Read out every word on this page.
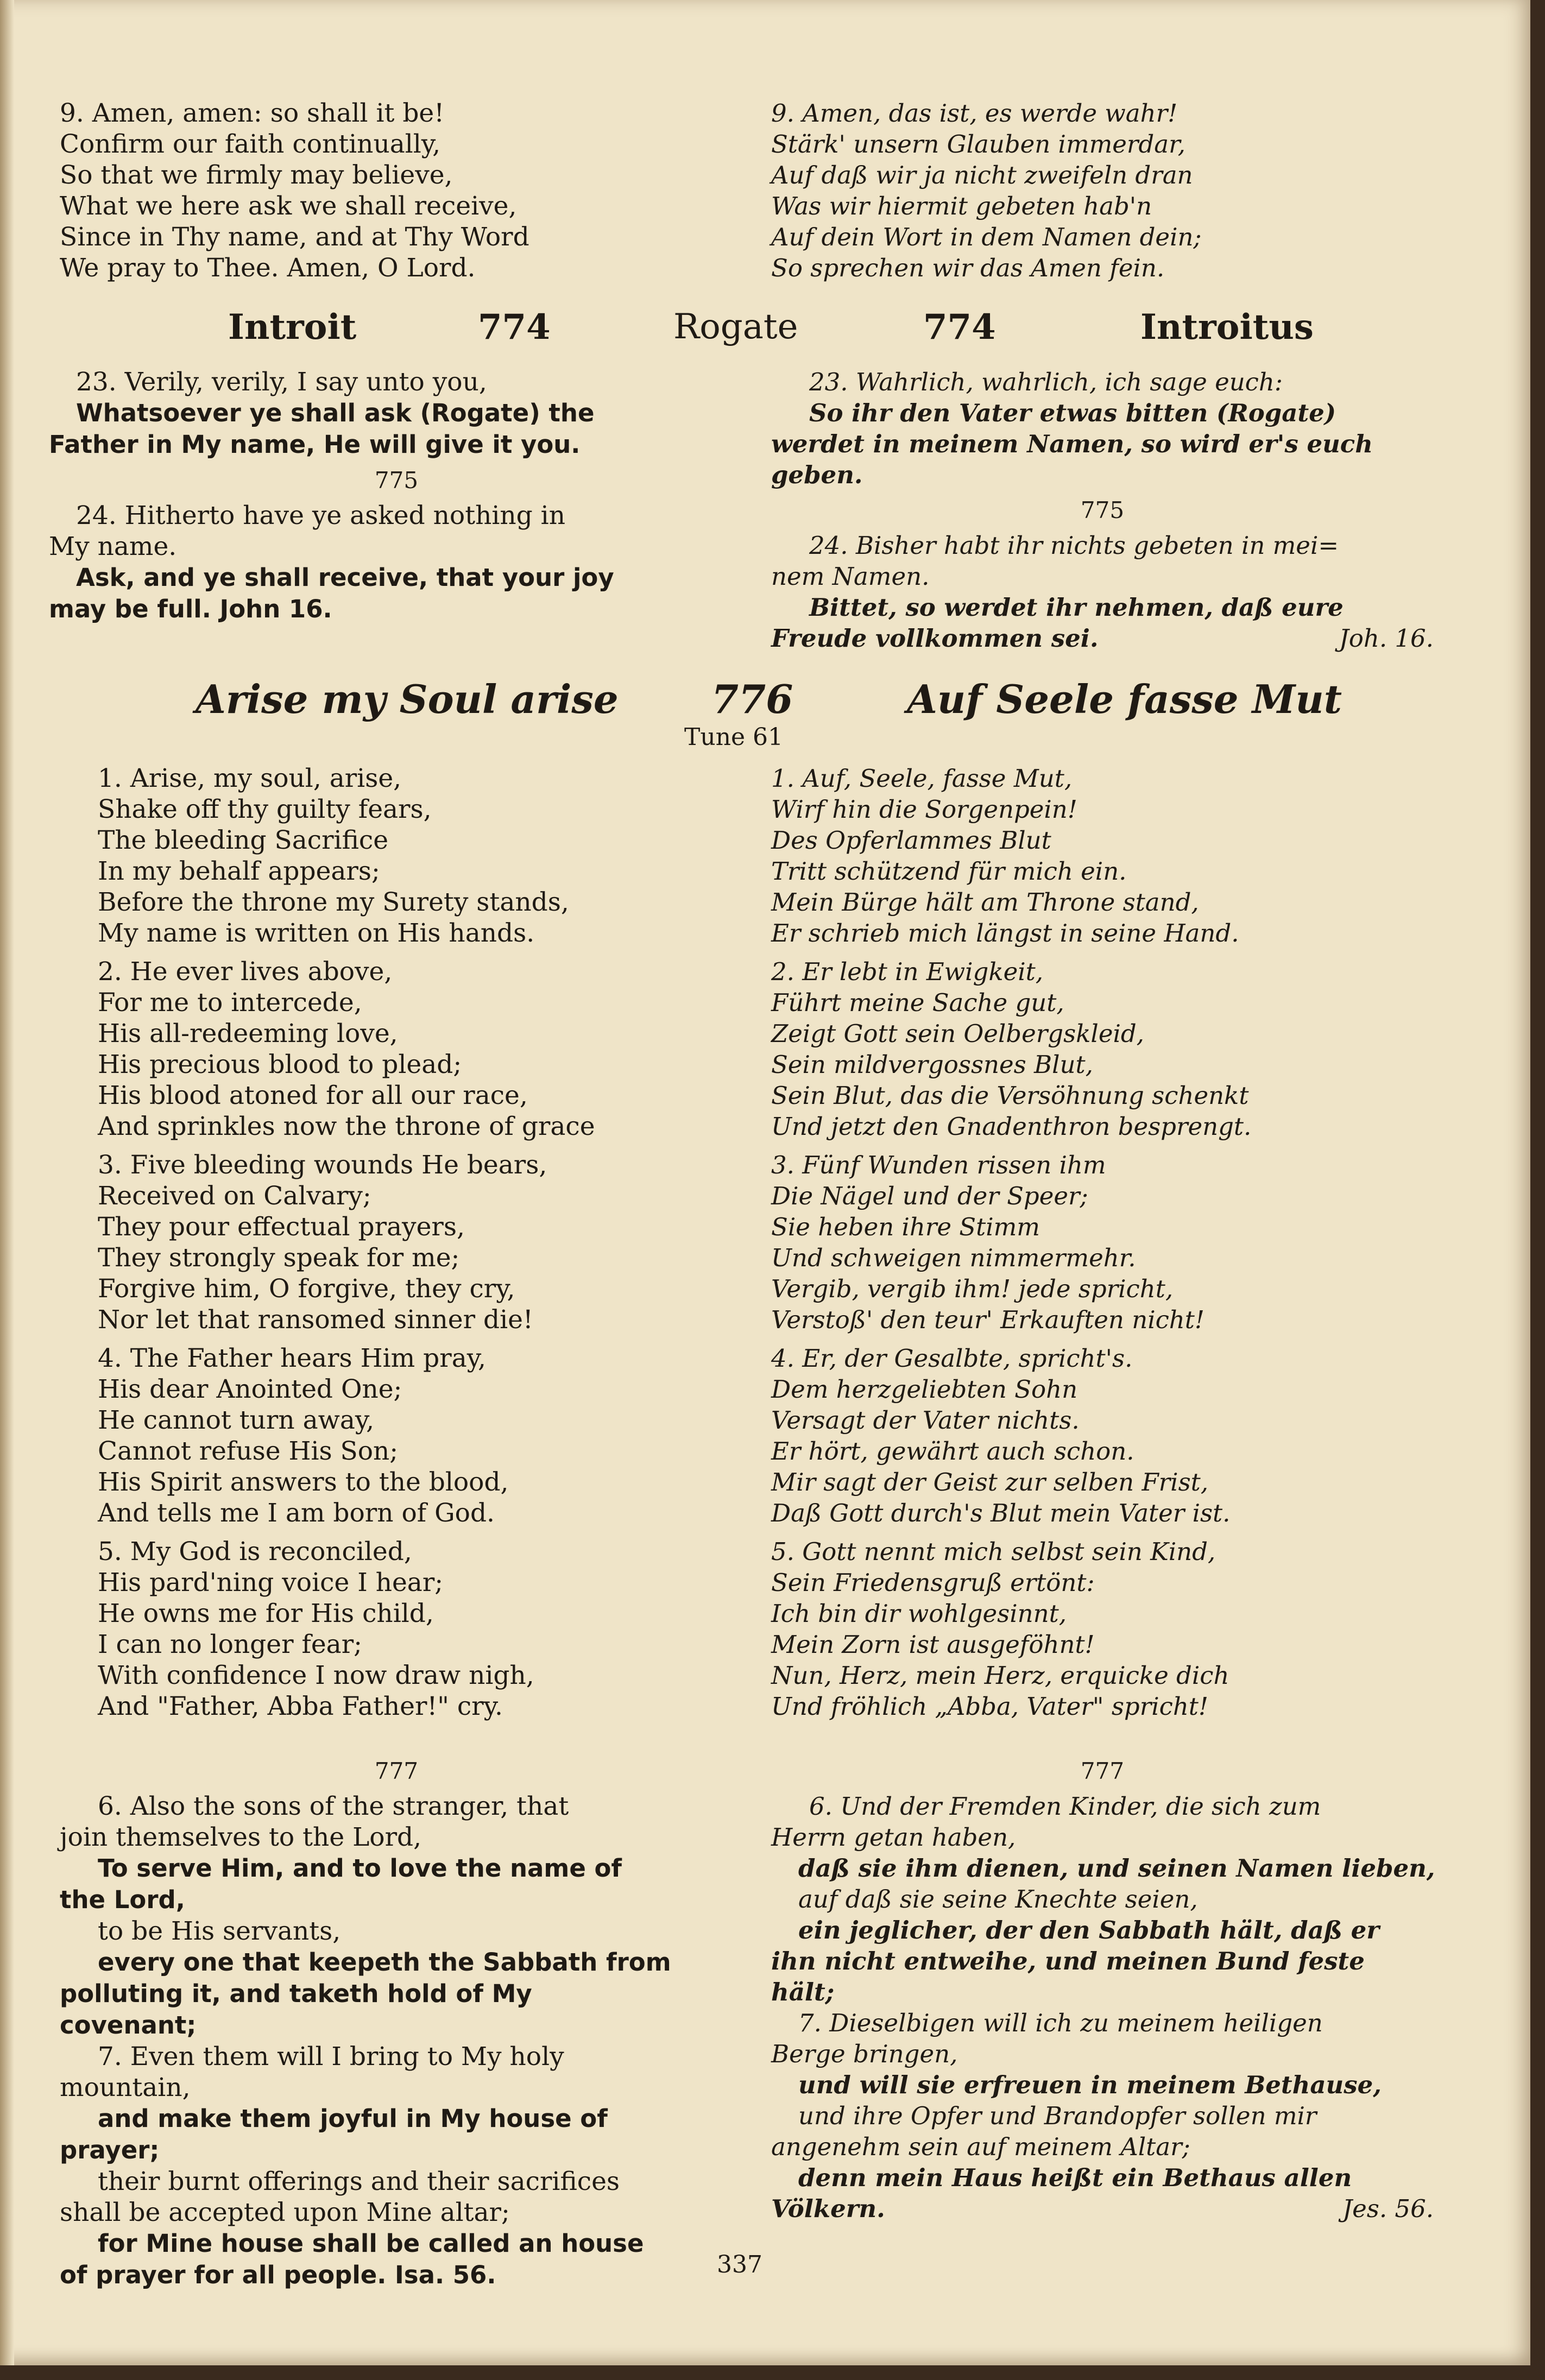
9. Amen, amen: so shall it be!

Confirm our faith continually,

So that we firmly may believe,

What we here ask we shall receive,

Since in Thy name, and at Thy Word

We pray to Thee. Amen, O Lord.

9. Amen, das ist, es werde wahr!

Stärk' unsern Glauben immerdar,

Auf daß wir ja nicht zweifeln dran

Was wir hiermit gebeten hab'n

Auf dein Wort in dem Namen dein;

So sprechen wir das Amen fein.

Introit	774	Rogate	774	Introitus

23. Verily, verily, I say unto you,

Whatsoever ye shall ask (Rogate) the

Father in My name, He will give it you.

775

24. Hitherto have ye asked nothing in

My name.

Ask, and ye shall receive, that your joy

may be full. John 16.

23. Wahrlich, wahrlich, ich sage euch:

So ihr den Vater etwas bitten (Rogate)

werdet in meinem Namen, so wird er's euch

geben.

775

24. Bisher habt ihr nichts gebeten in mei=

nem Namen.

Bittet, so werdet ihr nehmen, daß eure

Freude vollkommen sei.	Joh. 16.

Arise my Soul arise 776	Auf Seele fasse Mut
Tune 61

1. Arise, my soul, arise,

Shake off thy guilty fears,

The bleeding Sacrifice

In my behalf appears;

Before the throne my Surety stands,

My name is written on His hands.

2. He ever lives above,

For me to intercede,

His all-redeeming love,

His precious blood to plead;

His blood atoned for all our race,

And sprinkles now the throne of grace

3. Five bleeding wounds He bears,

Received on Calvary;

They pour effectual prayers,

They strongly speak for me;

Forgive him, O forgive, they cry,

Nor let that ransomed sinner die!

4. The Father hears Him pray,

His dear Anointed One;

He cannot turn away,

Cannot refuse His Son;

His Spirit answers to the blood,

And tells me I am born of God.

5. My God is reconciled,

His pard'ning voice I hear;

He owns me for His child,

I can no longer fear;

With confidence I now draw nigh,

And "Father, Abba Father!" cry.

1. Auf, Seele, fasse Mut,

Wirf hin die Sorgenpein!

Des Opferlammes Blut

Tritt schützend für mich ein.

Mein Bürge hält am Throne stand,

Er schrieb mich längst in seine Hand.

2. Er lebt in Ewigkeit,

Führt meine Sache gut,

Zeigt Gott sein Oelbergskleid,

Sein mildvergossnes Blut,

Sein Blut, das die Versöhnung schenkt

Und jetzt den Gnadenthron besprengt.

3. Fünf Wunden rissen ihm

Die Nägel und der Speer;

Sie heben ihre Stimm

Und schweigen nimmermehr.

Vergib, vergib ihm! jede spricht,

Verstoß' den teur' Erkauften nicht!

4. Er, der Gesalbte, spricht's.

Dem herzgeliebten Sohn

Versagt der Vater nichts.

Er hört, gewährt auch schon.

Mir sagt der Geist zur selben Frist,

Daß Gott durch's Blut mein Vater ist.

5. Gott nennt mich selbst sein Kind,

Sein Friedensgruß ertönt:

Ich bin dir wohlgesinnt,

Mein Zorn ist ausgeföhnt!

Nun, Herz, mein Herz, erquicke dich

Und fröhlich „Abba, Vater" spricht!

777

6. Also the sons of the stranger, that

join themselves to the Lord,

To serve Him, and to love the name of

the Lord,

to be His servants,

every one that keepeth the Sabbath from

polluting it, and taketh hold of My

covenant;

7. Even them will I bring to My holy

mountain,

and make them joyful in My house of

prayer;

their burnt offerings and their sacrifices

shall be accepted upon Mine altar;

for Mine house shall be called an house

of prayer for all people. Isa. 56.

777

6. Und der Fremden Kinder, die sich zum

Herrn getan haben,

daß sie ihm dienen, und seinen Namen lieben,

auf daß sie seine Knechte seien,

ein jeglicher, der den Sabbath hält, daß er

ihn nicht entweihe, und meinen Bund feste

hält;

7. Dieselbigen will ich zu meinem heiligen

Berge bringen,

und will sie erfreuen in meinem Bethause,

und ihre Opfer und Brandopfer sollen mir

angenehm sein auf meinem Altar;

denn mein Haus heißt ein Bethaus allen

Völkern.	Jes. 56.

337
